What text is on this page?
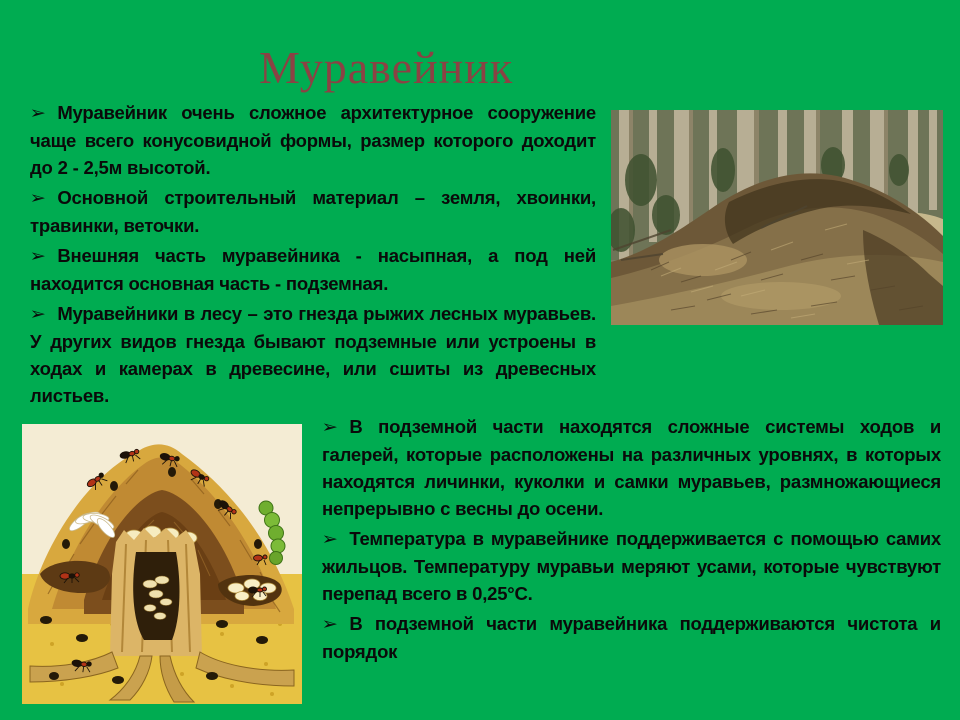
Муравейник

➢ Муравейник очень сложное архитектурное сооружение чаще всего конусовидной формы, размер которого доходит до 2 - 2,5м высотой.

➢ Основной строительный материал – земля, хвоинки, травинки, веточки.

➢ Внешняя часть муравейника - насыпная, а под ней находится основная часть - подземная.

➢ Муравейники в лесу – это гнезда рыжих лесных муравьев. У других видов гнезда бывают подземные или устроены в ходах и камерах в древесине, или сшиты из древесных листьев.

➢ В подземной части находятся сложные системы ходов и галерей, которые расположены на различных уровнях, в которых находятся личинки, куколки и самки муравьев, размножающиеся непрерывно с весны до осени.

➢ Температура в муравейнике поддерживается с помощью самих жильцов. Температуру муравьи меряют усами, которые чувствуют перепад всего в 0,25°С.

➢ В подземной части муравейника поддерживаются чистота и порядок
